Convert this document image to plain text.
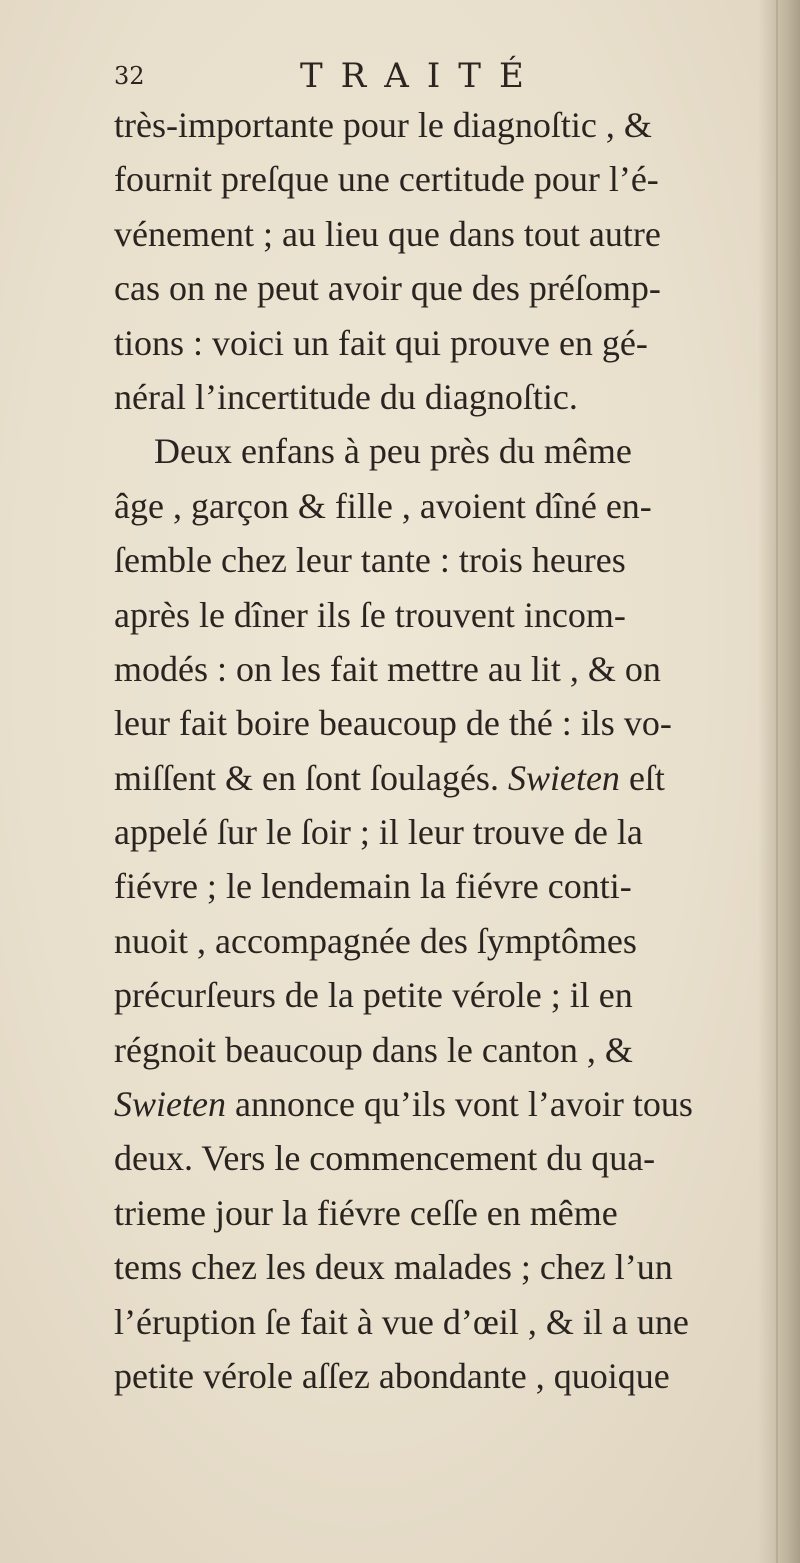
32	TRAITÉ
très-importante pour le diagnoſtic , &
fournit preſque une certitude pour l’é-
vénement ; au lieu que dans tout autre
cas on ne peut avoir que des préſomp-
tions : voici un fait qui prouve en gé-
néral l’incertitude du diagnoſtic.
Deux enfans à peu près du même
âge , garçon & fille , avoient dîné en-
ſemble chez leur tante : trois heures
après le dîner ils ſe trouvent incom-
modés : on les fait mettre au lit , & on
leur fait boire beaucoup de thé : ils vo-
miſſent & en ſont ſoulagés. Swieten eſt
appelé ſur le ſoir ; il leur trouve de la
fiévre ; le lendemain la fiévre conti-
nuoit , accompagnée des ſymptômes
précurſeurs de la petite vérole ; il en
régnoit beaucoup dans le canton , &
Swieten annonce qu’ils vont l’avoir tous
deux. Vers le commencement du qua-
trieme jour la fiévre ceſſe en même
tems chez les deux malades ; chez l’un
l’éruption ſe fait à vue d’œil , & il a une
petite vérole aſſez abondante , quoique
